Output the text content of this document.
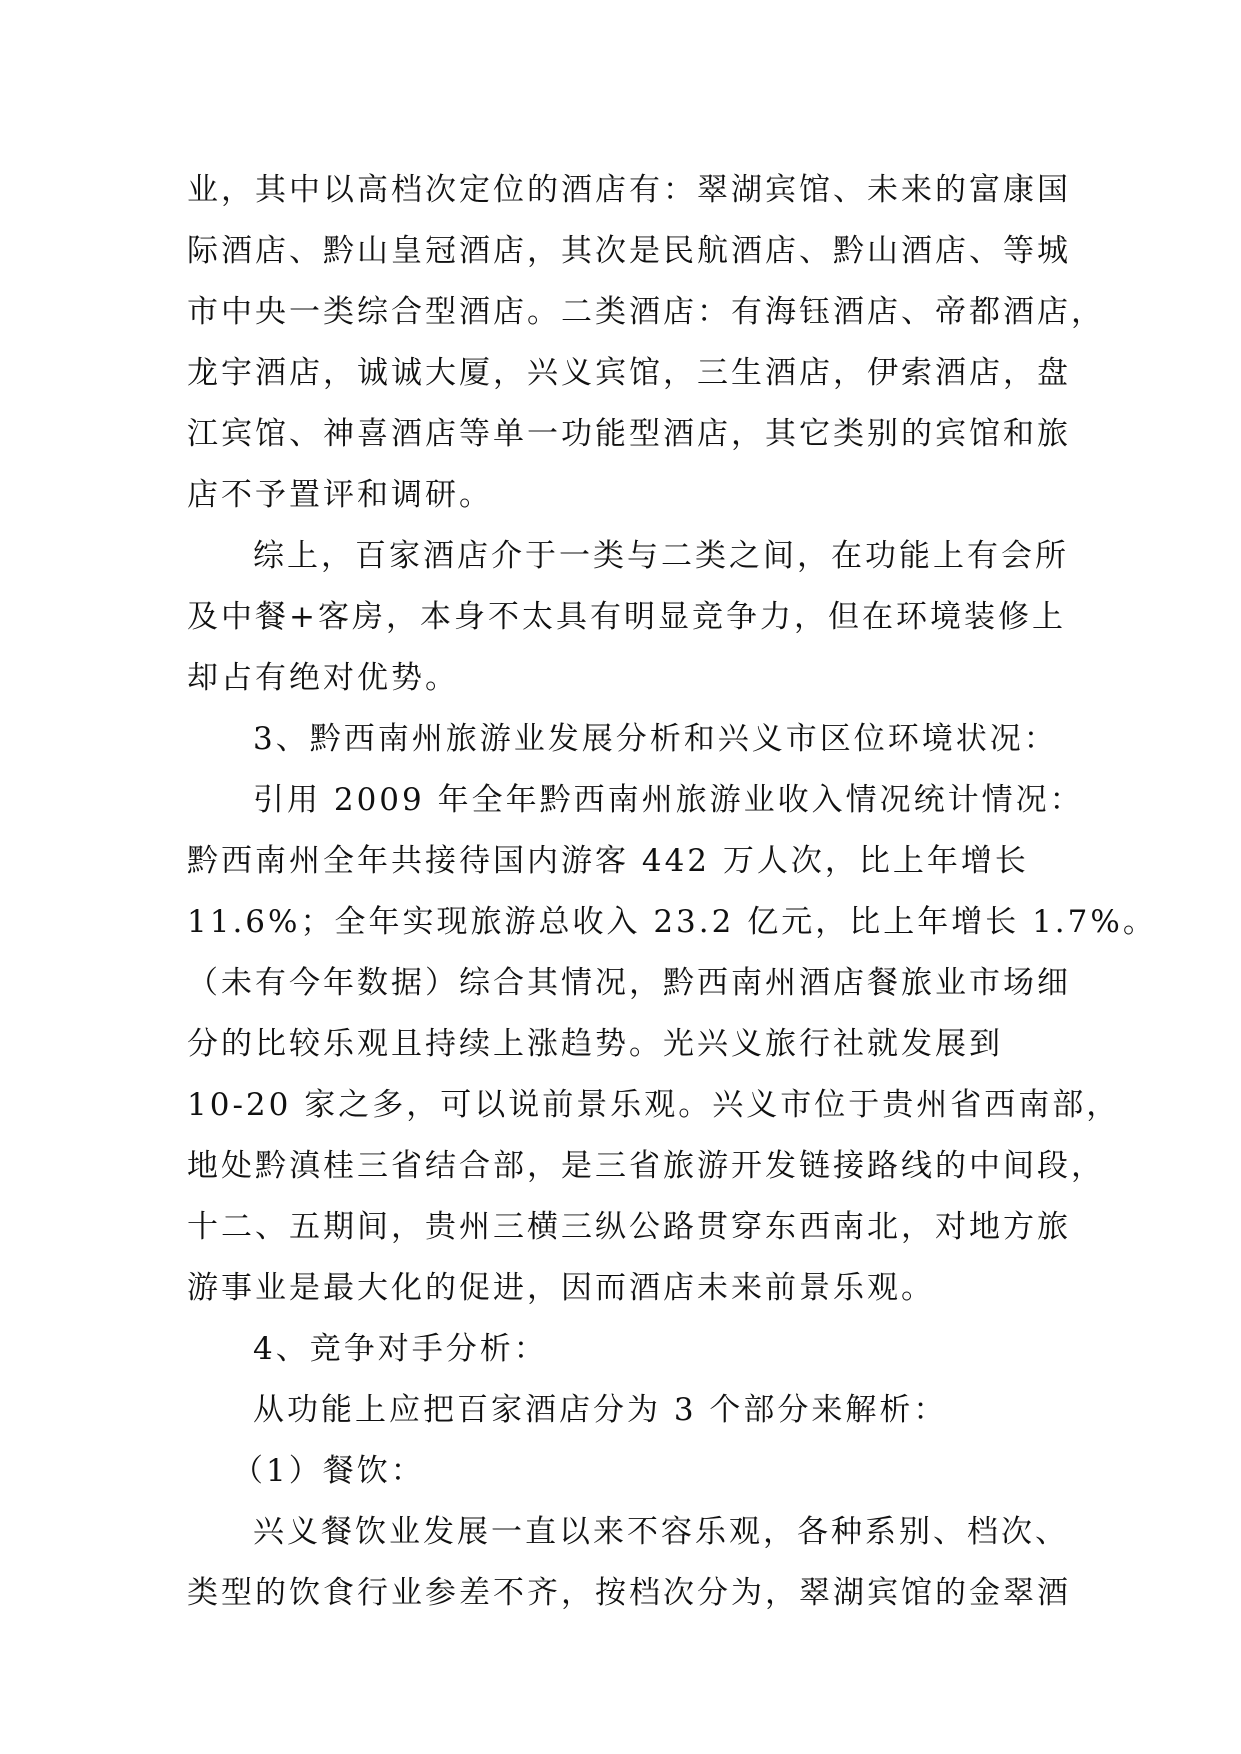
业，其中以高档次定位的酒店有：翠湖宾馆、未来的富康国
际酒店、黔山皇冠酒店，其次是民航酒店、黔山酒店、等城
市中央一类综合型酒店。二类酒店：有海钰酒店、帝都酒店，
龙宇酒店，诚诚大厦，兴义宾馆，三生酒店，伊索酒店，盘
江宾馆、神喜酒店等单一功能型酒店，其它类别的宾馆和旅
店不予置评和调研。
综上，百家酒店介于一类与二类之间，在功能上有会所
及中餐+客房，本身不太具有明显竞争力，但在环境装修上
却占有绝对优势。
3、黔西南州旅游业发展分析和兴义市区位环境状况：
引用 2009 年全年黔西南州旅游业收入情况统计情况：
黔西南州全年共接待国内游客 442 万人次，比上年增长
11.6%；全年实现旅游总收入 23.2 亿元，比上年增长 1.7%。
（未有今年数据）综合其情况，黔西南州酒店餐旅业市场细
分的比较乐观且持续上涨趋势。光兴义旅行社就发展到
10-20 家之多，可以说前景乐观。兴义市位于贵州省西南部，
地处黔滇桂三省结合部，是三省旅游开发链接路线的中间段，
十二、五期间，贵州三横三纵公路贯穿东西南北，对地方旅
游事业是最大化的促进，因而酒店未来前景乐观。
4、竞争对手分析：
从功能上应把百家酒店分为 3 个部分来解析：
（1）餐饮：
兴义餐饮业发展一直以来不容乐观，各种系别、档次、
类型的饮食行业参差不齐，按档次分为，翠湖宾馆的金翠酒
